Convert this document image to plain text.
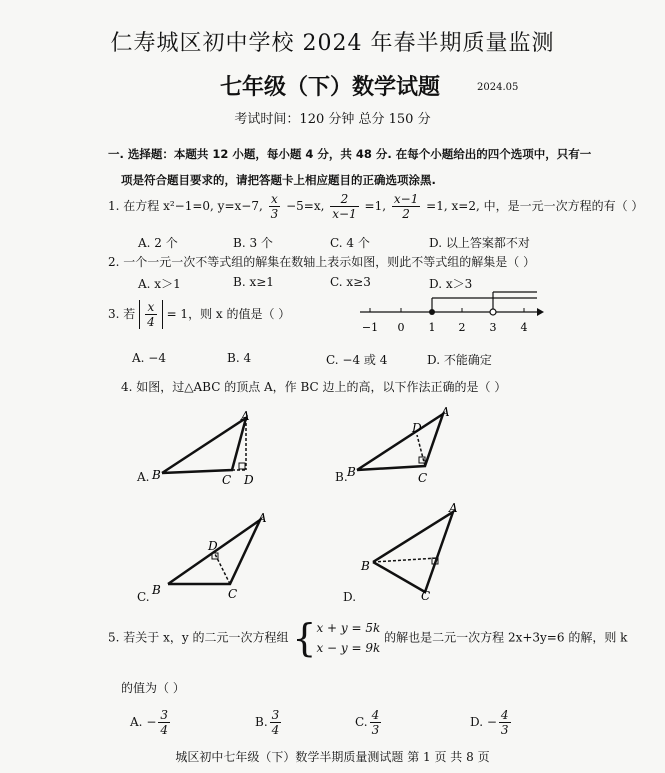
仁寿城区初中学校 2024 年春半期质量监测
七年级（下）数学试题	2024.05
考试时间：120 分钟 总分 150 分
一. 选择题：本题共 12 小题，每小题 4 分，共 48 分. 在每个小题给出的四个选项中，只有一
项是符合题目要求的，请把答题卡上相应题目的正确选项涂黑.
1. 在方程 x²−1=0, y=x−7, $\frac{x}{3} -5=x$, $\frac{2}{x-1} =1$, $\frac{x-1}{2} =1$, x=2, 中，是一元一次方程的有（ ）
A. 2 个	B. 3 个	C. 4 个	D. 以上答案都不对
2. 一个一元一次不等式组的解集在数轴上表示如图，则此不等式组的解集是（ ）
A. x＞1	B. x≥1	C. x≥3	D. x＞3
−1 0 1 2 3 4
3. 若 $\frac{x}{4} = 1$，则 x 的值是（ ）
A. −4	B. 4	C. −4 或 4	D. 不能确定
4. 如图，过△ABC 的顶点 A，作 BC 边上的高，以下作法正确的是（ ）
A.
A
B	C D	B.
A
D
B	C
C.
A
D
B	C	D.
A
B
C
5. 若关于 x，y 的二元一次方程组 { x + y = 5k
x − y = 9k
的解也是二元一次方程 2x+3y=6 的解，则 k
的值为（ ）
A. − $\frac{3}{4}$	B. $\frac{3}{4}$	C. $\frac{4}{3}$	D. − $\frac{4}{3}$
城区初中七年级（下）数学半期质量测试题 第 1 页 共 8 页
